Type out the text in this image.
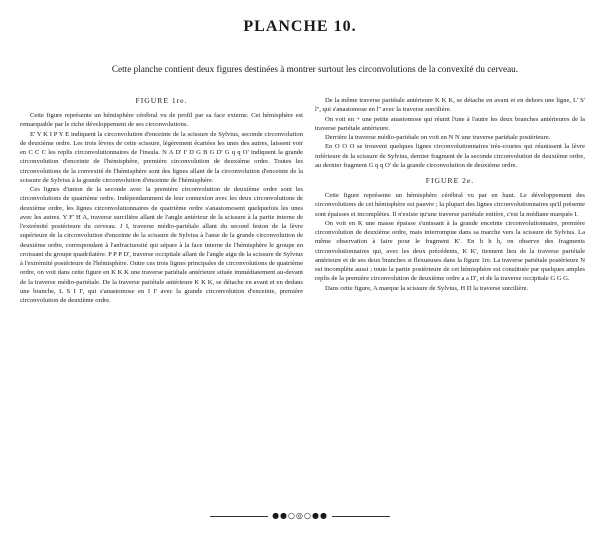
PLANCHE 10.
Cette planche contient deux figures destinées à montrer surtout les circonvolutions de la convexité du cerveau.
FIGURE 1re.

Cette figure représente un hémisphère cérébral vu de profil par sa face externe. Cet hémisphère est remarquable par le riche développement de ses circonvolutions.

E' Y K I P Y E indiquent la circonvolution d'enceinte de la scissure de Sylvius, seconde circonvolution de deuxième ordre. Les trois lèvres de cette scissure, légèrement écartées les unes des autres, laissent voir en C C C les replis circonvolutionnaires de l'insula. N A D' I' D G B G D' G q q O' indiquent la grande circonvolution d'enceinte de l'hémisphère, première circonvolution de deuxième ordre. Toutes les circonvolutions de la convexité de l'hémisphère sont des lignes allant de la circonvolution d'enceinte de la scissure de Sylvius à la grande circonvolution d'enceinte de l'hémisphère.

Ces lignes d'union de la seconde avec la première circonvolution de deuxième ordre sont les circonvolutions de quatrième ordre. Indépendamment de leur connexion avec les deux circonvolutions de deuxième ordre, les lignes circonvolutionnaires de quatrième ordre s'anastomosent quelquefois les unes avec les autres. Y F' H A, traverse surcilière allant de l'angle antérieur de la scissure à la partie interne de l'extrémité postérieure du cerveau. J I, traverse médio-pariétale allant du second feston de la lèvre supérieure de la circonvolution d'enceinte de la scissure de Sylvius à l'anse de la grande circonvolution de deuxième ordre, correspondant à l'anfractuosité qui sépare à la face interne de l'hémisphère le groupe en croissant du groupe quadrilatère. P P P D', traverse occipitale allant de l'angle aigu de la scissure de Sylvius à l'extrémité postérieure de l'hémisphère. Outre ces trois lignes principales de circonvolutions de quatrième ordre, on voit dans cette figure en K K K une traverse pariétale antérieure située immédiatement au-devant de la traverse médio-pariétale. De la traverse pariétale antérieure K K K, se détache en avant et en dedans une branche, L S I I', qui s'anastomose en I I' avec la grande circonvolution d'enceinte, première circonvolution de deuxième ordre.

De la même traverse pariétale antérieure K K K, se détache en avant et en dehors une ligne, L' S' l'', qui s'anastomose en l'' avec la traverse surcilière.

On voit en + une petite anastomose qui réunit l'une à l'autre les deux branches antérieures de la traverse pariétale antérieure.

Derrière la traverse médio-pariétale on voit en N N une traverse pariétale postérieure.

En O O O se trouvent quelques lignes circonvolutionnaires très-courtes qui réunissent la lèvre inférieure de la scissure de Sylvius, dernier fragment de la seconde circonvolution de deuxième ordre, au dernier fragment G q q O' de la grande circonvolution de deuxième ordre.

FIGURE 2e.

Cette figure représente un hémisphère cérébral vu par en haut. Le développement des circonvolutions de cet hémisphère est pauvre ; la plupart des lignes circonvolutionnaires qu'il présente sont épaisses et incomplètes. Il n'existe qu'une traverse pariétale entière, c'est la médiane marquée I.

On voit en K une masse épaisse s'unissant à la grande enceinte circonvolutionnaire, première circonvolution de deuxième ordre, mais interrompue dans sa marche vers la scissure de Sylvius. La même observation à faire pour le fragment K'. En h h h, on observe des fragments circonvolutionnaires qui, avec les deux précédents, K K', tiennent lieu de la traverse pariétale antérieure et de ses deux branches si flexueuses dans la figure 1re. La traverse pariétale postérieure N est incomplète aussi ; toute la partie postérieure de cet hémisphère est constituée par quelques amples replis de la première circonvolution de deuxième ordre a a D', et de la traverse occipitale G G G.

Dans cette figure, A marque la scissure de Sylvius, H D la traverse surcilière.

●●○◎○●●
